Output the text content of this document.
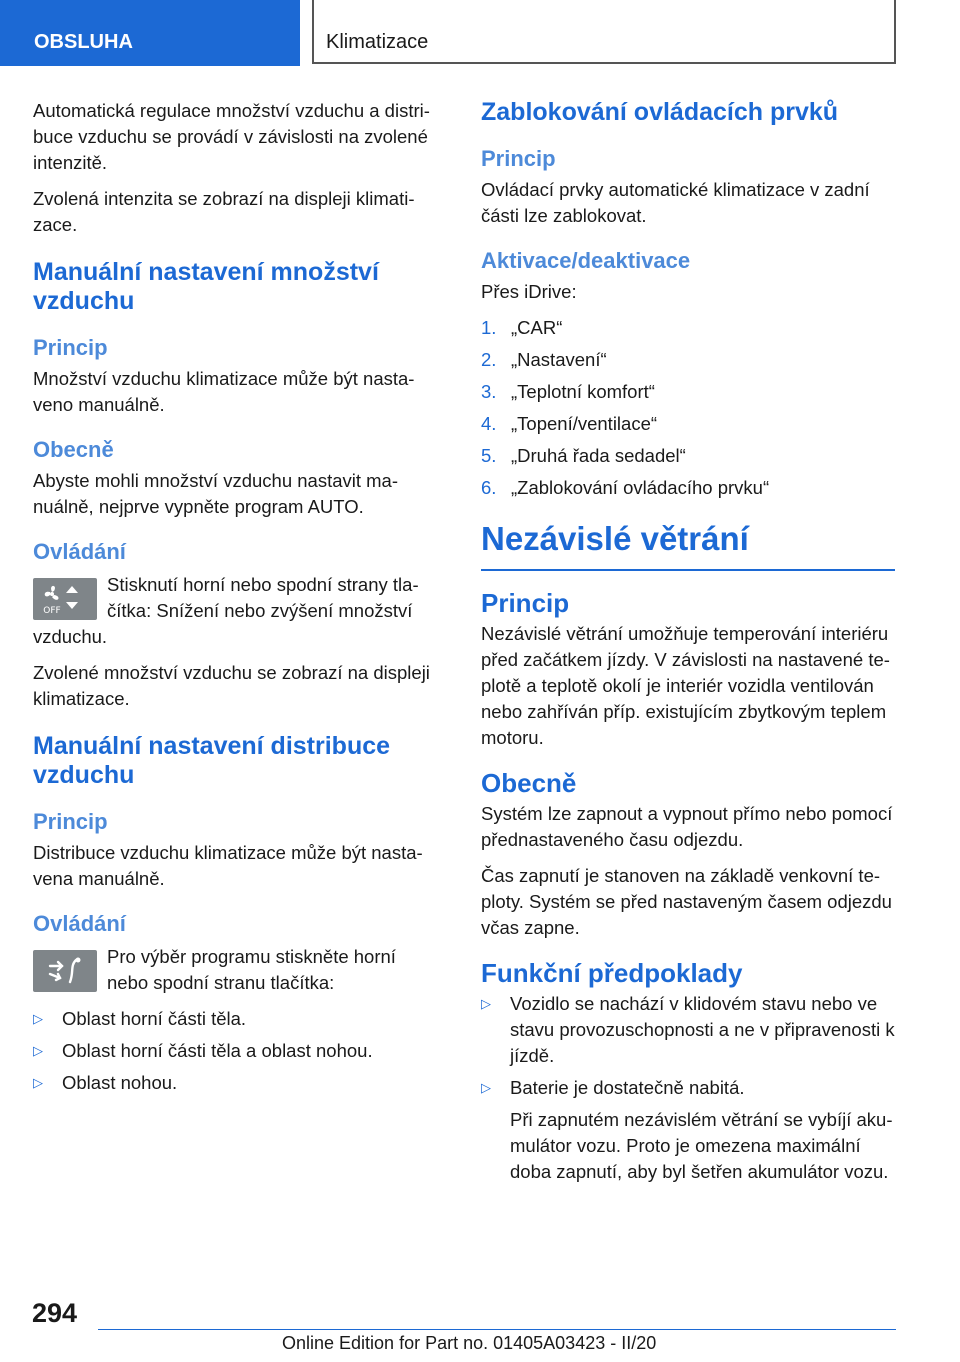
OBSLUHA	Klimatizace

Automatická regulace množství vzduchu a distribuce vzduchu se provádí v závislosti na zvolené intenzitě.

Zvolená intenzita se zobrazí na displeji klimatizace.

Manuální nastavení množství vzduchu
Princip

Množství vzduchu klimatizace může být nastaveno manuálně.

Obecně

Abyste mohli množství vzduchu nastavit manuálně, nejprve vypněte program AUTO.

Ovládání
OFF
Stisknutí horní nebo spodní strany tlačítka: Snížení nebo zvýšení množství vzduchu.

Zvolené množství vzduchu se zobrazí na displeji klimatizace.

Manuální nastavení distribuce vzduchu
Princip

Distribuce vzduchu klimatizace může být nastavena manuálně.

Ovládání
Pro výběr programu stiskněte horní nebo spodní stranu tlačítka:
▷ Oblast horní části těla.
▷ Oblast horní části těla a oblast nohou.
▷ Oblast nohou.
Zablokování ovládacích prvků
Princip

Ovládací prvky automatické klimatizace v zadní části lze zablokovat.

Aktivace/deaktivace

Přes iDrive:

1. „CAR“
2. „Nastavení“
3. „Teplotní komfort“
4. „Topení/ventilace“
5. „Druhá řada sedadel“
6. „Zablokování ovládacího prvku“
Nezávislé větrání
Princip

Nezávislé větrání umožňuje temperování interiéru před začátkem jízdy. V závislosti na nastavené teplotě a teplotě okolí je interiér vozidla ventilován nebo zahříván příp. existujícím zbytkovým teplem motoru.

Obecně

Systém lze zapnout a vypnout přímo nebo pomocí přednastaveného času odjezdu.

Čas zapnutí je stanoven na základě venkovní teploty. Systém se před nastaveným časem odjezdu včas zapne.

Funkční předpoklady
▷ Vozidlo se nachází v klidovém stavu nebo ve stavu provozuschopnosti a ne v připravenosti k jízdě.
▷ Baterie je dostatečně nabitá.
Při zapnutém nezávislém větrání se vybíjí akumulátor vozu. Proto je omezena maximální doba zapnutí, aby byl šetřen akumulátor vozu.
294
Online Edition for Part no. 01405A03423 - II/20
